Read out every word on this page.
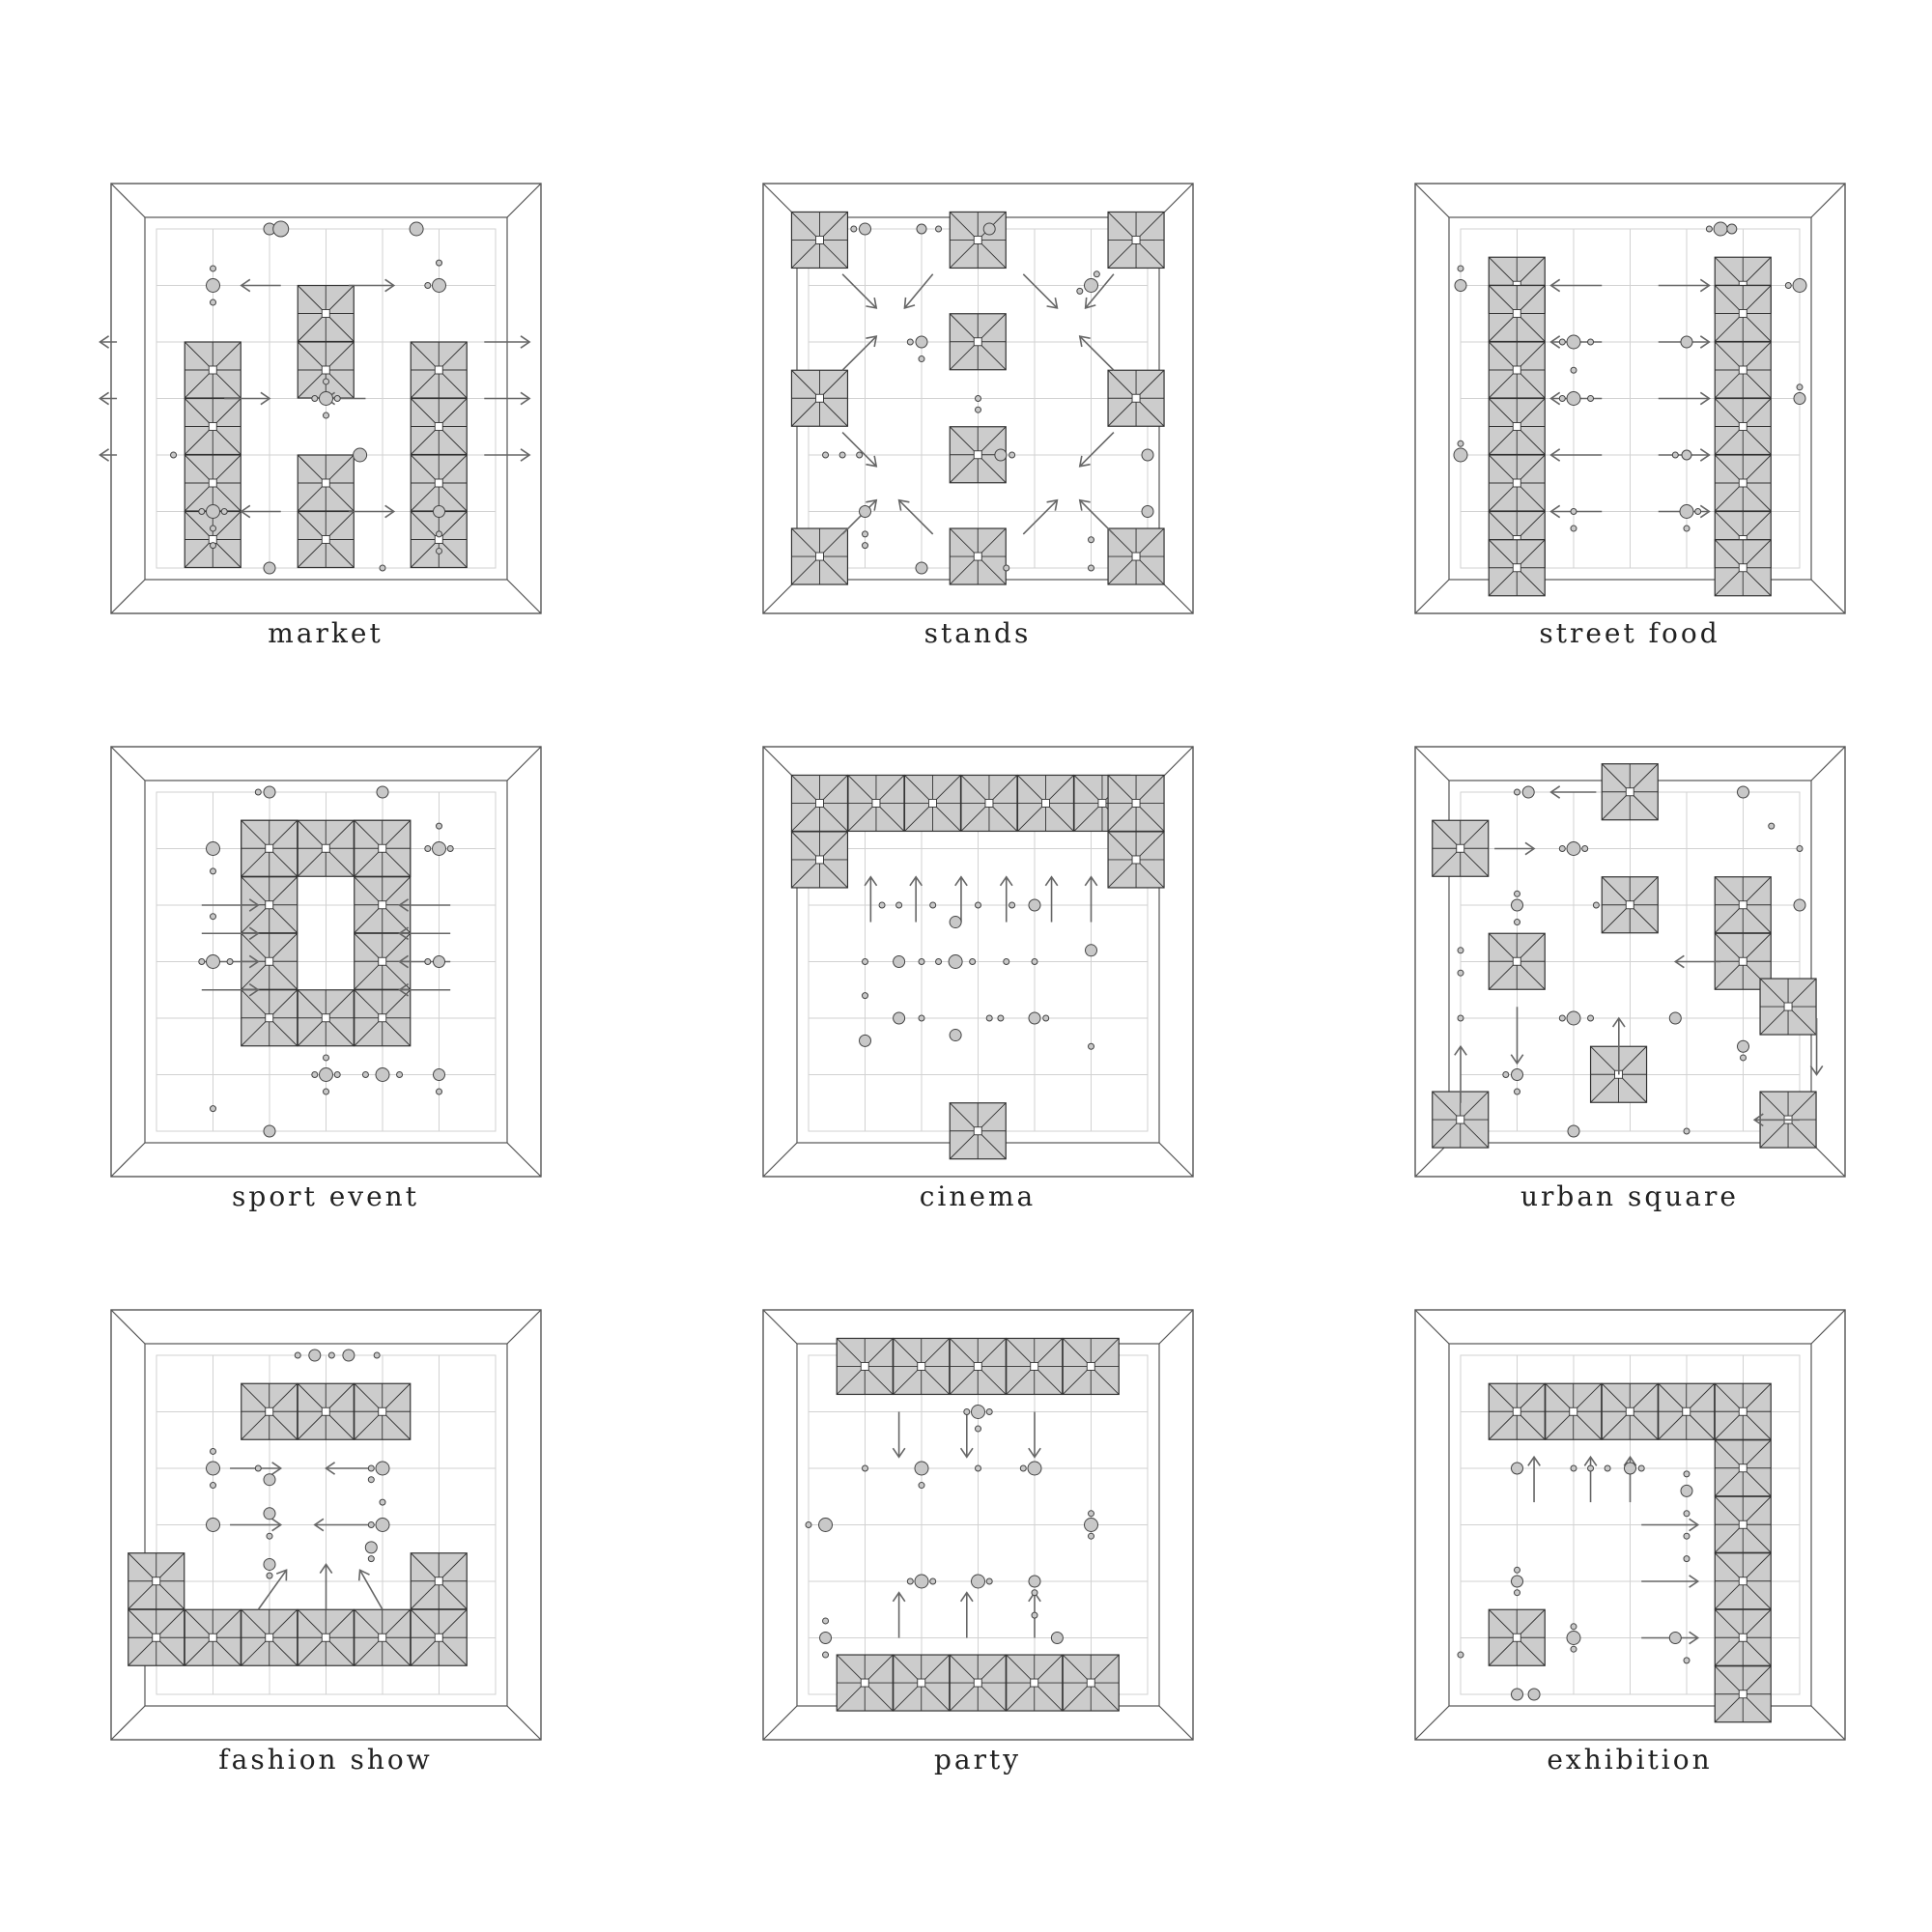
market	stands	street food
sport event	cinema	urban square
fashion show	party	exhibition
